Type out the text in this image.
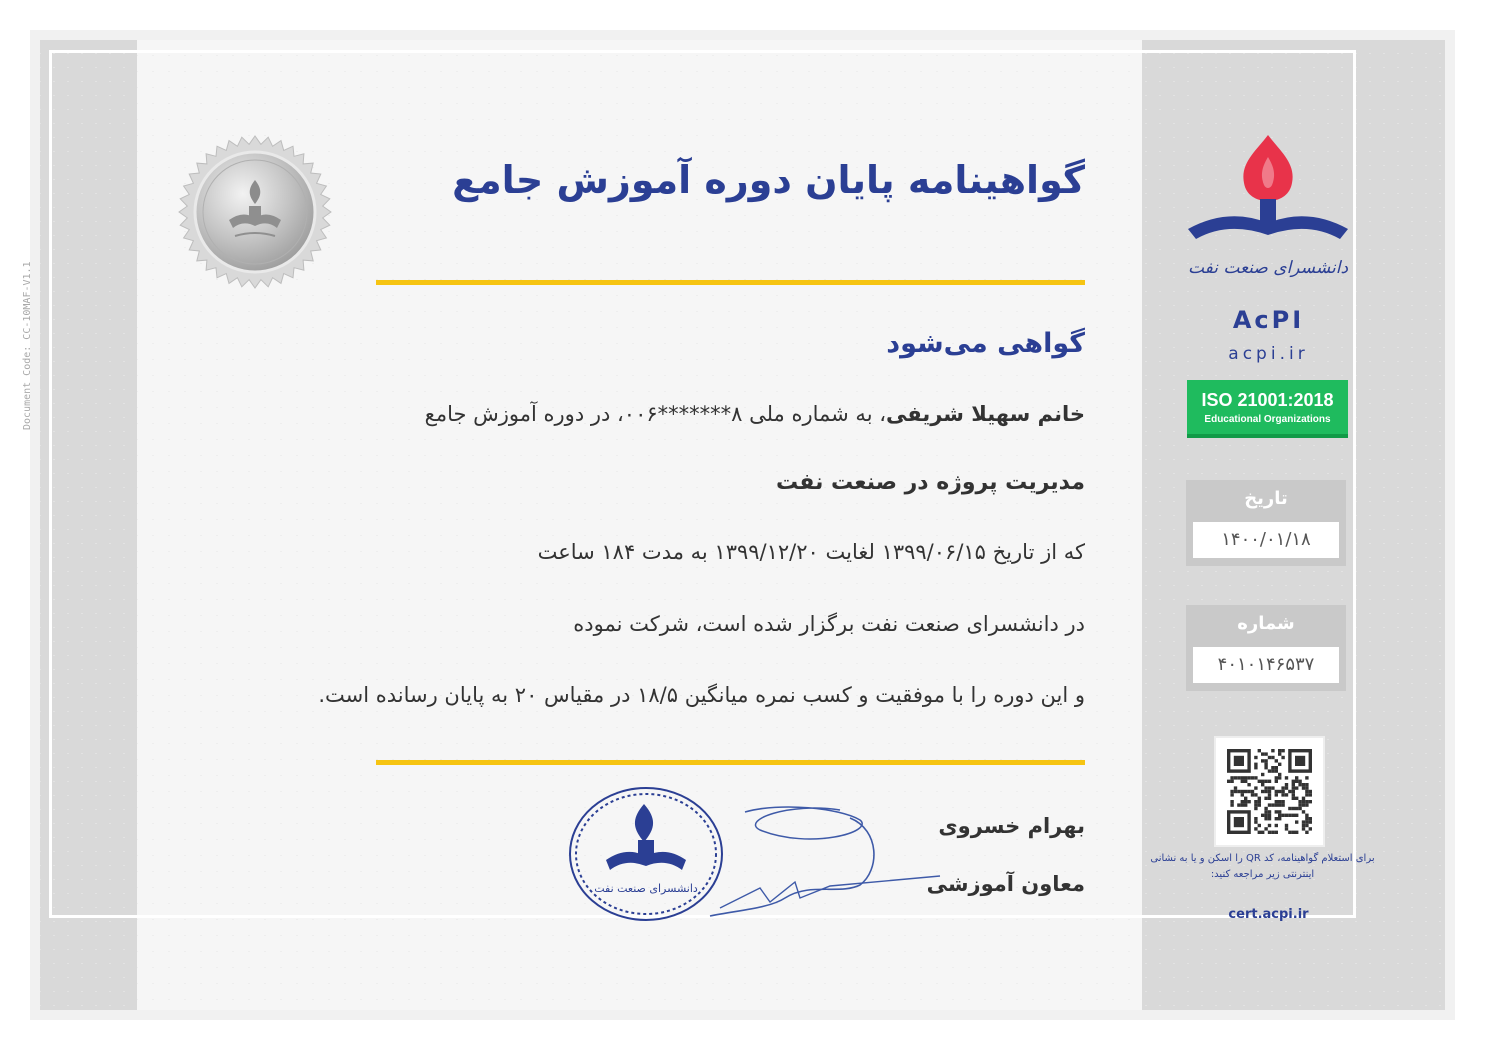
Document Code: CC-10MAF-V1.1
گواهینامه پایان دوره آموزش جامع
گواهی می‌شود
خانم سهیلا شریفی، به شماره ملی ۸*******۰۰۶، در دوره آموزش جامع
مدیریت پروژه در صنعت نفت
که از تاریخ ۱۳۹۹/۰۶/۱۵ لغایت ۱۳۹۹/۱۲/۲۰ به مدت ۱۸۴ ساعت
در دانشسرای صنعت نفت برگزار شده است، شرکت نموده
و این دوره را با موفقیت و کسب نمره میانگین ۱۸/۵ در مقیاس ۲۰ به پایان رسانده است.
بهرام خسروی
معاون آموزشی
دانشسرای صنعت نفت
دانشسرای صنعت نفت
AcPI
acpi.ir
ISO 21001:2018
Educational Organizations
تاریخ
۱۴۰۰/۰۱/۱۸
شماره
۴۰۱۰۱۴۶۵۳۷
برای استعلام گواهینامه، کد QR را اسکن و یا به نشانی اینترنتی زیر مراجعه کنید:
cert.acpi.ir
